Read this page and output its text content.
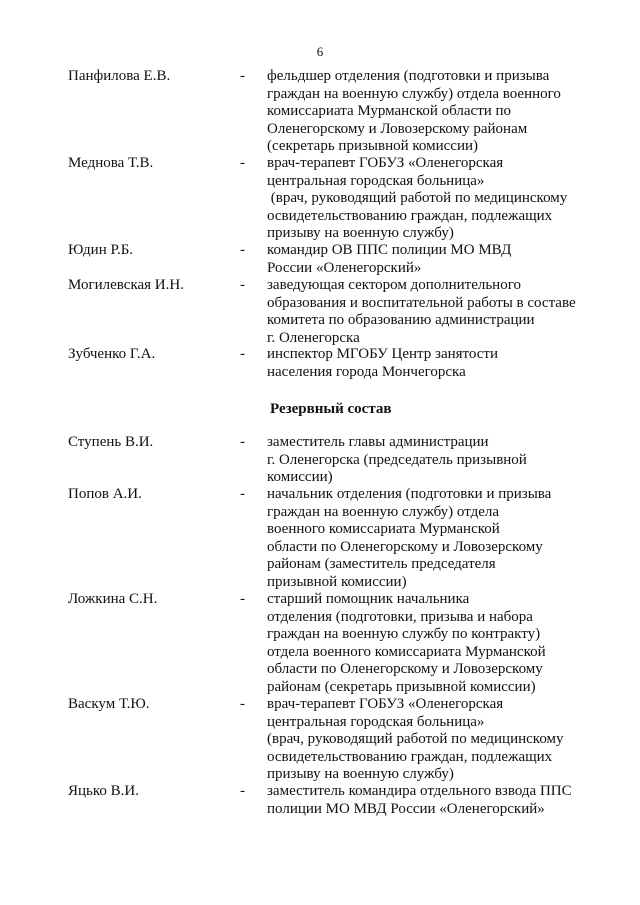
6
Панфилова Е.В.	- фельдшер отделения (подготовки и призыва
граждан на военную службу) отдела военного
комиссариата Мурманской области по
Оленегорскому и Ловозерскому районам
(секретарь призывной комиссии)
Меднова Т.В.	- врач-терапевт ГОБУЗ «Оленегорская
центральная городская больница»
(врач, руководящий работой по медицинскому
освидетельствованию граждан, подлежащих
призыву на военную службу)
Юдин Р.Б.	- командир ОВ ППС полиции МО МВД
России «Оленегорский»
Могилевская И.Н.	- заведующая сектором дополнительного
образования и воспитательной работы в составе
комитета по образованию администрации
г. Оленегорска
Зубченко Г.А.	- инспектор МГОБУ Центр занятости
населения города Мончегорска
Резервный состав
Ступень В.И.	- заместитель главы администрации
г. Оленегорска (председатель призывной
комиссии)
Попов А.И.	- начальник отделения (подготовки и призыва
граждан на военную службу) отдела
военного комиссариата Мурманской
области по Оленегорскому и Ловозерскому
районам (заместитель председателя
призывной комиссии)
Ложкина С.Н.	- старший помощник начальника
отделения (подготовки, призыва и набора
граждан на военную службу по контракту)
отдела военного комиссариата Мурманской
области по Оленегорскому и Ловозерскому
районам (секретарь призывной комиссии)
Васкум Т.Ю.	- врач-терапевт ГОБУЗ «Оленегорская
центральная городская больница»
(врач, руководящий работой по медицинскому
освидетельствованию граждан, подлежащих
призыву на военную службу)
Яцько В.И.	- заместитель командира отдельного взвода ППС
полиции МО МВД России «Оленегорский»
